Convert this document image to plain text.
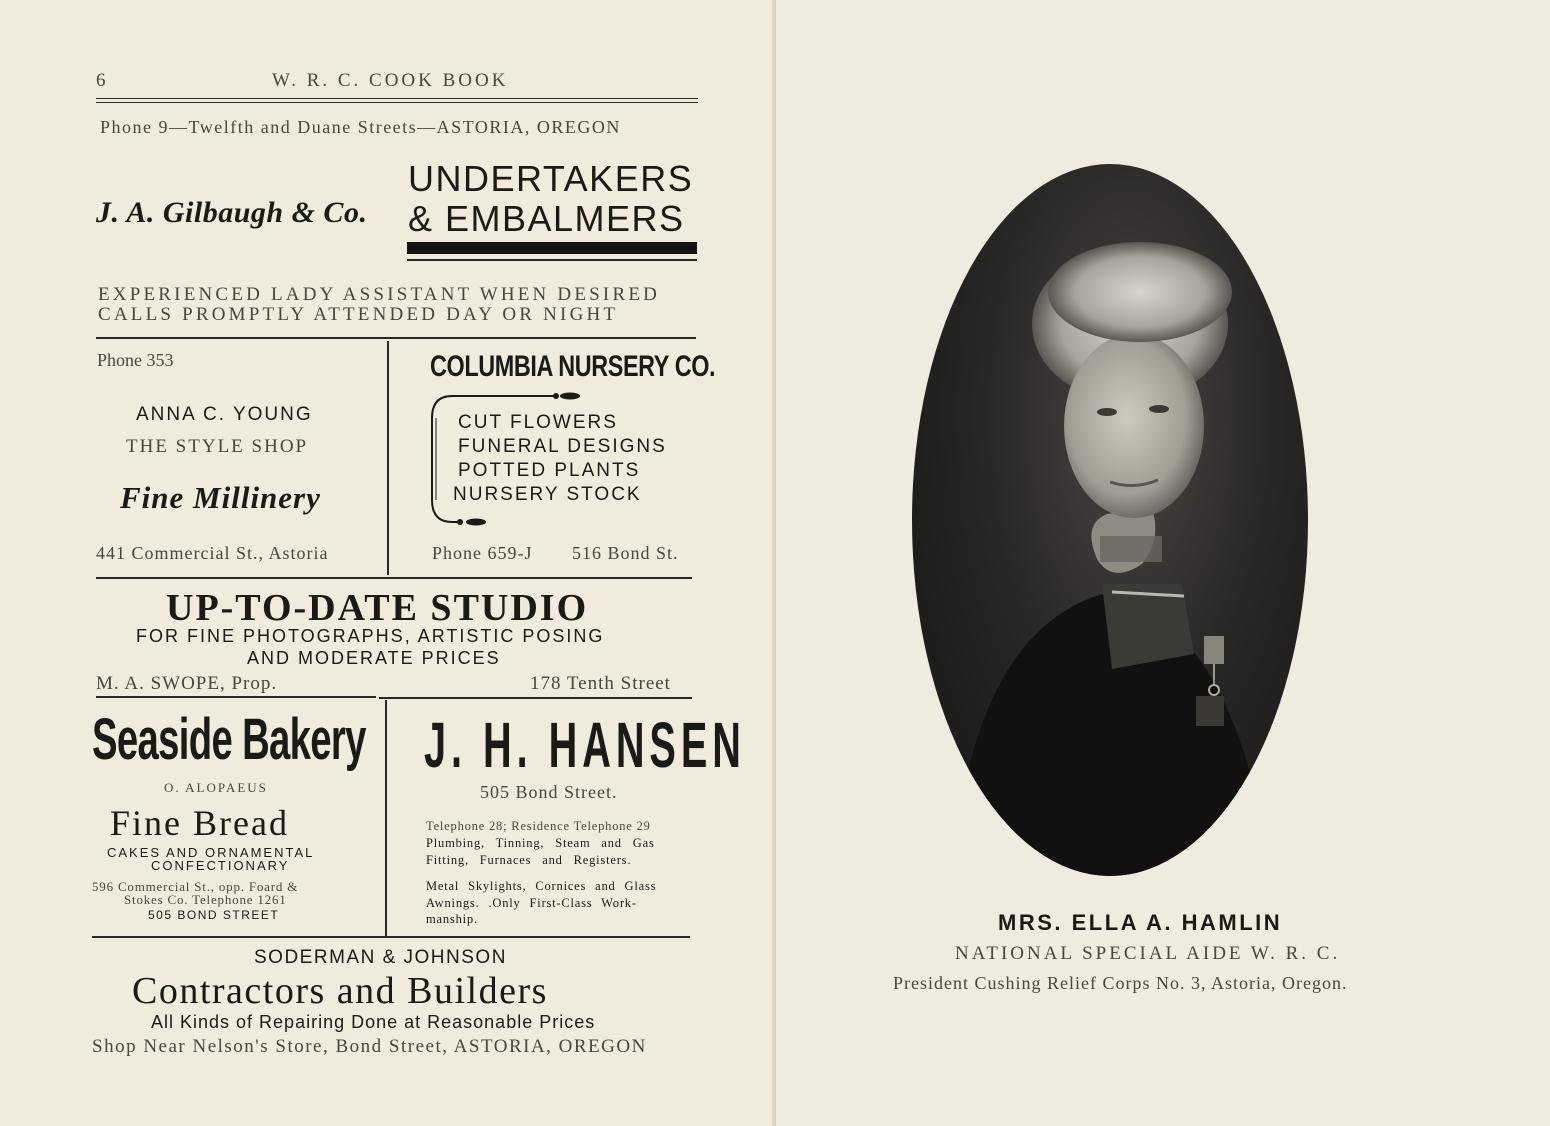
6	W. R. C. COOK BOOK
Phone 9—Twelfth and Duane Streets—ASTORIA, OREGON
J. A. Gilbaugh & Co.
UNDERTAKERS
& EMBALMERS
EXPERIENCED LADY ASSISTANT WHEN DESIRED
CALLS PROMPTLY ATTENDED DAY OR NIGHT
Phone 353
ANNA C. YOUNG
THE STYLE SHOP
Fine Millinery
441 Commercial St., Astoria
COLUMBIA NURSERY CO.
CUT FLOWERS
FUNERAL DESIGNS
POTTED PLANTS
NURSERY STOCK
Phone 659-J 516 Bond St.
UP-TO-DATE STUDIO
FOR FINE PHOTOGRAPHS, ARTISTIC POSING
AND MODERATE PRICES
M. A. SWOPE, Prop.	178 Tenth Street
Seaside Bakery
O. ALOPAEUS
Fine Bread
CAKES AND ORNAMENTAL
CONFECTIONARY
596 Commercial St., opp. Foard &
Stokes Co. Telephone 1261
505 BOND STREET
J. H. HANSEN
505 Bond Street.
Telephone 28; Residence Telephone 29
Plumbing, Tinning, Steam and Gas
Fitting, Furnaces and Registers.
Metal Skylights, Cornices and Glass
Awnings. .Only First-Class Work-
manship.
SODERMAN & JOHNSON
Contractors and Builders
All Kinds of Repairing Done at Reasonable Prices
Shop Near Nelson's Store, Bond Street, ASTORIA, OREGON
MRS. ELLA A. HAMLIN
NATIONAL SPECIAL AIDE W. R. C.
President Cushing Relief Corps No. 3, Astoria, Oregon.
